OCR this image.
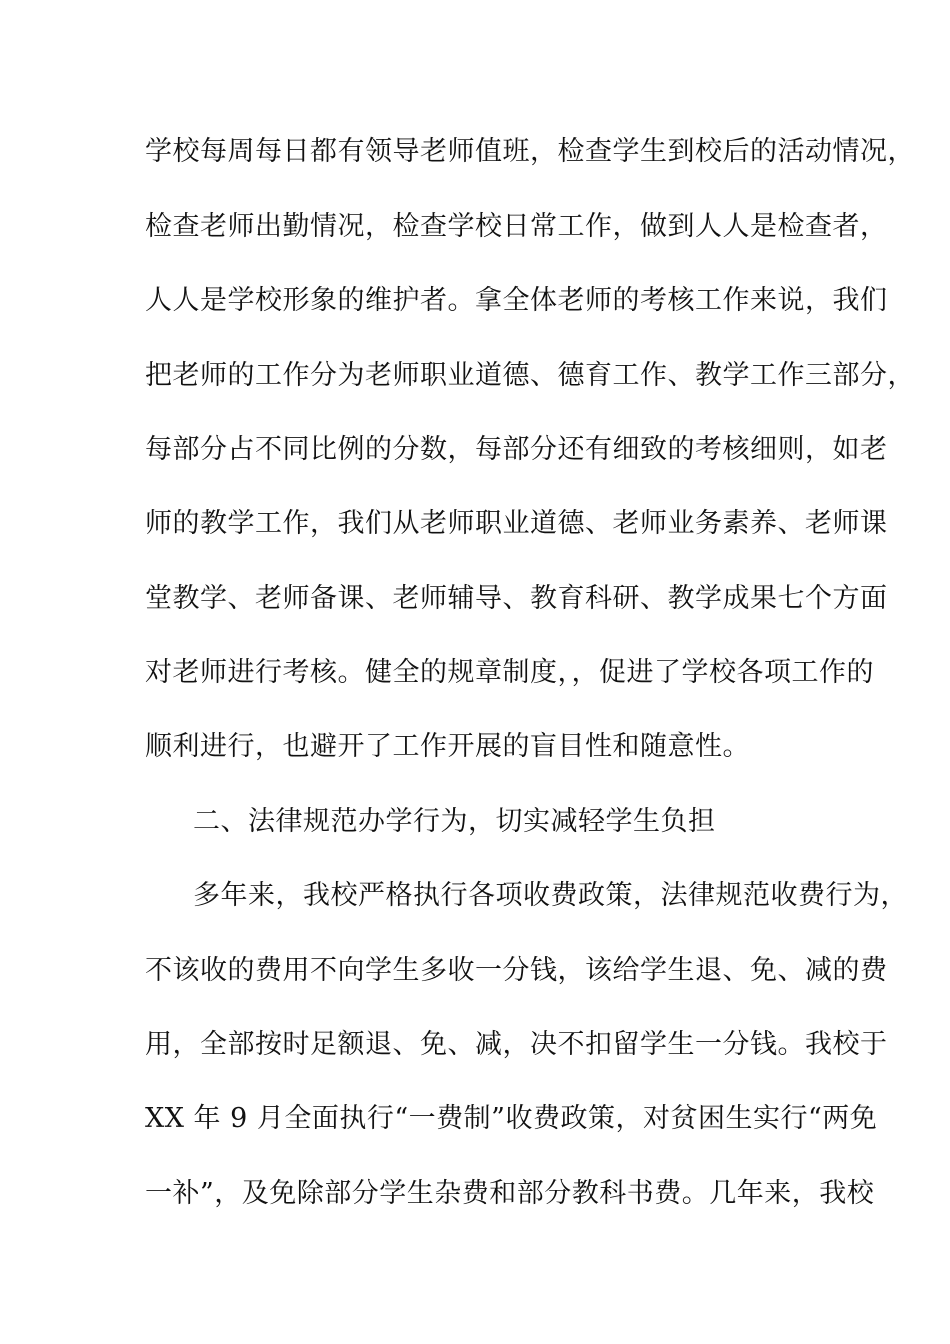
学校每周每日都有领导老师值班，检查学生到校后的活动情况，
检查老师出勤情况，检查学校日常工作，做到人人是检查者，
人人是学校形象的维护者。拿全体老师的考核工作来说，我们
把老师的工作分为老师职业道德、德育工作、教学工作三部分，
每部分占不同比例的分数，每部分还有细致的考核细则，如老
师的教学工作，我们从老师职业道德、老师业务素养、老师课
堂教学、老师备课、老师辅导、教育科研、教学成果七个方面
对老师进行考核。健全的规章制度，，促进了学校各项工作的
顺利进行，也避开了工作开展的盲目性和随意性。
二、法律规范办学行为，切实减轻学生负担
多年来，我校严格执行各项收费政策，法律规范收费行为，
不该收的费用不向学生多收一分钱，该给学生退、免、减的费
用，全部按时足额退、免、减，决不扣留学生一分钱。我校于
XX 年 9 月全面执行“一费制”收费政策，对贫困生实行“两免
一补”，及免除部分学生杂费和部分教科书费。几年来，我校
